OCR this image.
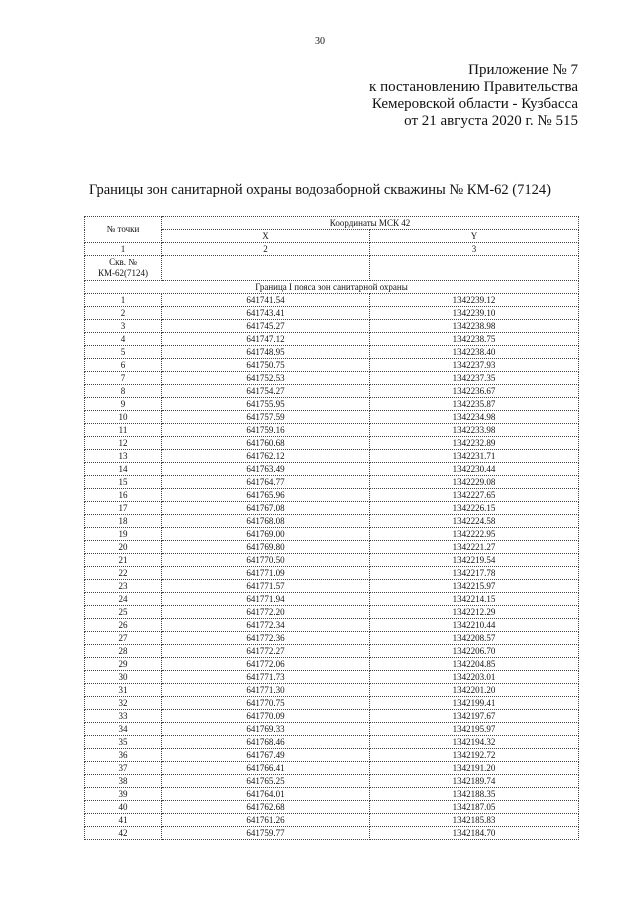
30
Приложение № 7
к постановлению Правительства
Кемеровской области - Кузбасса
от 21 августа 2020 г. № 515
Границы зон санитарной охраны водозаборной скважины № КМ-62 (7124)
№ точки	Координаты МСК 42	
	X	Y
1	2	3

Скв. №
КМ-62(7124)		

Граница I пояса зон санитарной охраны		
1	641741.54	1342239.12
2	641743.41	1342239.10
3	641745.27	1342238.98
4	641747.12	1342238.75
5	641748.95	1342238.40
6	641750.75	1342237.93
7	641752.53	1342237.35
8	641754.27	1342236.67
9	641755.95	1342235.87
10	641757.59	1342234.98
11	641759.16	1342233.98
12	641760.68	1342232.89
13	641762.12	1342231.71
14	641763.49	1342230.44
15	641764.77	1342229.08
16	641765.96	1342227.65
17	641767.08	1342226.15
18	641768.08	1342224.58
19	641769.00	1342222.95
20	641769.80	1342221.27
21	641770.50	1342219.54
22	641771.09	1342217.78
23	641771.57	1342215.97
24	641771.94	1342214.15
25	641772.20	1342212.29
26	641772.34	1342210.44
27	641772.36	1342208.57
28	641772.27	1342206.70
29	641772.06	1342204.85
30	641771.73	1342203.01
31	641771.30	1342201.20
32	641770.75	1342199.41
33	641770.09	1342197.67
34	641769.33	1342195.97
35	641768.46	1342194.32
36	641767.49	1342192.72
37	641766.41	1342191.20
38	641765.25	1342189.74
39	641764.01	1342188.35
40	641762.68	1342187.05
41	641761.26	1342185.83
42	641759.77	1342184.70
